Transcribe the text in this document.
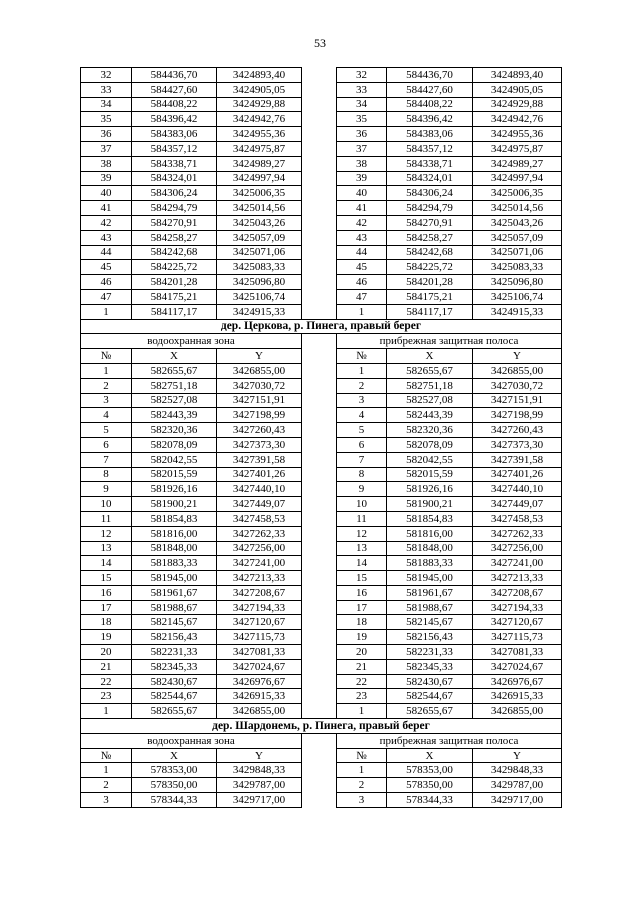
53
32	584436,70	3424893,40		32	584436,70	3424893,40
33	584427,60	3424905,05		33	584427,60	3424905,05
34	584408,22	3424929,88		34	584408,22	3424929,88
35	584396,42	3424942,76		35	584396,42	3424942,76
36	584383,06	3424955,36		36	584383,06	3424955,36
37	584357,12	3424975,87		37	584357,12	3424975,87
38	584338,71	3424989,27		38	584338,71	3424989,27
39	584324,01	3424997,94		39	584324,01	3424997,94
40	584306,24	3425006,35		40	584306,24	3425006,35
41	584294,79	3425014,56		41	584294,79	3425014,56
42	584270,91	3425043,26		42	584270,91	3425043,26
43	584258,27	3425057,09		43	584258,27	3425057,09
44	584242,68	3425071,06		44	584242,68	3425071,06
45	584225,72	3425083,33		45	584225,72	3425083,33
46	584201,28	3425096,80		46	584201,28	3425096,80
47	584175,21	3425106,74		47	584175,21	3425106,74
1	584117,17	3424915,33		1	584117,17	3424915,33
дер. Церкова, р. Пинега, правый берег						
водоохранная зона				прибрежная защитная полоса		
№	X	Y		№	X	Y
1	582655,67	3426855,00		1	582655,67	3426855,00
2	582751,18	3427030,72		2	582751,18	3427030,72
3	582527,08	3427151,91		3	582527,08	3427151,91
4	582443,39	3427198,99		4	582443,39	3427198,99
5	582320,36	3427260,43		5	582320,36	3427260,43
6	582078,09	3427373,30		6	582078,09	3427373,30
7	582042,55	3427391,58		7	582042,55	3427391,58
8	582015,59	3427401,26		8	582015,59	3427401,26
9	581926,16	3427440,10		9	581926,16	3427440,10
10	581900,21	3427449,07		10	581900,21	3427449,07
11	581854,83	3427458,53		11	581854,83	3427458,53
12	581816,00	3427262,33		12	581816,00	3427262,33
13	581848,00	3427256,00		13	581848,00	3427256,00
14	581883,33	3427241,00		14	581883,33	3427241,00
15	581945,00	3427213,33		15	581945,00	3427213,33
16	581961,67	3427208,67		16	581961,67	3427208,67
17	581988,67	3427194,33		17	581988,67	3427194,33
18	582145,67	3427120,67		18	582145,67	3427120,67
19	582156,43	3427115,73		19	582156,43	3427115,73
20	582231,33	3427081,33		20	582231,33	3427081,33
21	582345,33	3427024,67		21	582345,33	3427024,67
22	582430,67	3426976,67		22	582430,67	3426976,67
23	582544,67	3426915,33		23	582544,67	3426915,33
1	582655,67	3426855,00		1	582655,67	3426855,00
дер. Шардонемь, р. Пинега, правый берег						
водоохранная зона				прибрежная защитная полоса		
№	X	Y		№	X	Y
1	578353,00	3429848,33		1	578353,00	3429848,33
2	578350,00	3429787,00		2	578350,00	3429787,00
3	578344,33	3429717,00		3	578344,33	3429717,00
